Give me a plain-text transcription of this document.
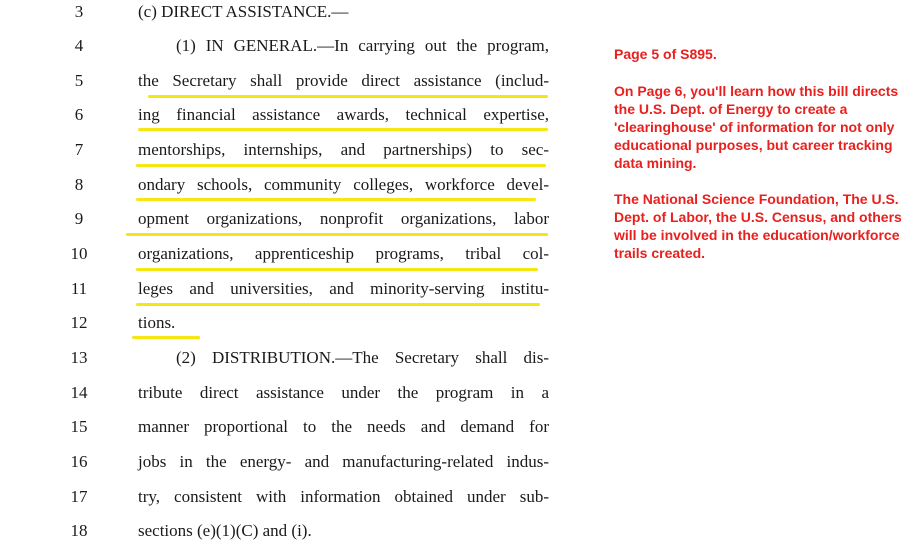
3
4
5
6
7
8
9
10
11
12
13
14
15
16
17
18
(c) DIRECT ASSISTANCE.—
(1) IN GENERAL.—In carrying out the program,
the Secretary shall provide direct assistance (includ-
ing financial assistance awards, technical expertise,
mentorships, internships, and partnerships) to sec-
ondary schools, community colleges, workforce devel-
opment organizations, nonprofit organizations, labor
organizations, apprenticeship programs, tribal col-
leges and universities, and minority-serving institu-
tions.
(2) DISTRIBUTION.—The Secretary shall dis-
tribute direct assistance under the program in a
manner proportional to the needs and demand for
jobs in the energy- and manufacturing-related indus-
try, consistent with information obtained under sub-
sections (e)(1)(C) and (i).
Page 5 of S895.
On Page 6, you'll learn how this bill directs the U.S. Dept. of Energy to create a 'clearinghouse' of information for not only educational purposes, but career tracking data mining.
The National Science Foundation, The U.S. Dept. of Labor, the U.S. Census, and others will be involved in the education/workforce trails created.
